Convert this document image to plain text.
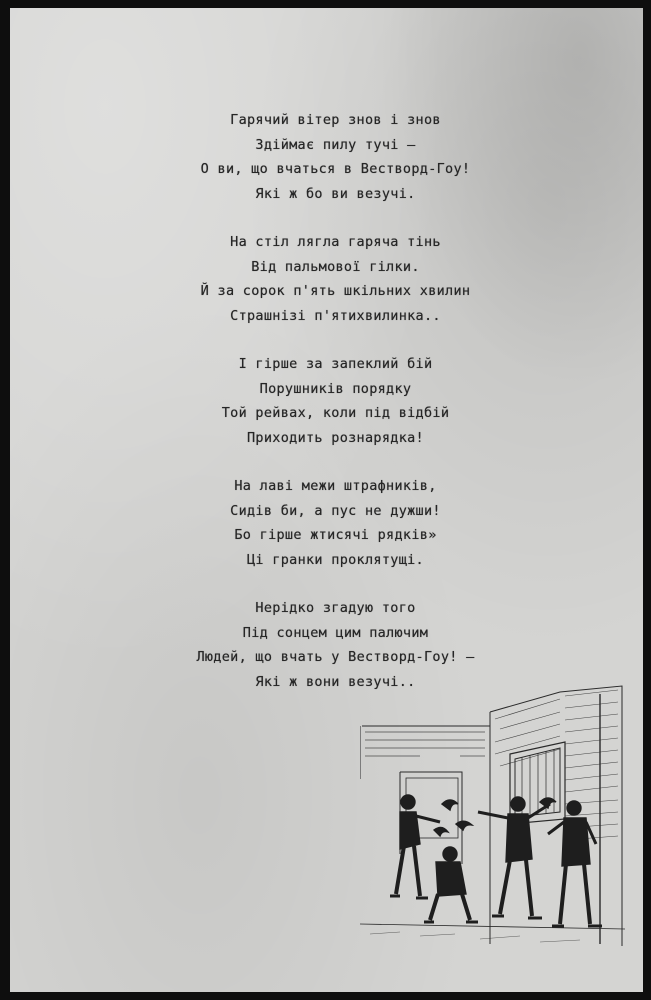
Гарячий вітер знов і знов
Здіймає пилу тучі –
О ви, що вчаться в Вестворд-Гоу!
Які ж бо ви везучі.
На стіл лягла гаряча тінь
Від пальмової гілки.
Й за сорок п'ять шкільних хвилин
Страшнізі п'ятихвилинка..
І гірше за запеклий бій
Порушників порядку
Той рейвах, коли під відбій
Приходить рознарядка!
На лаві межи штрафників,
Сидів би, а пус не дужши!
Бо гірше жтисячі рядків»
Ці гранки проклятущі.
Нерідко згадую того
Під сонцем цим палючим
Людей, що вчать у Вестворд-Гоу! –
Які ж вони везучі..
